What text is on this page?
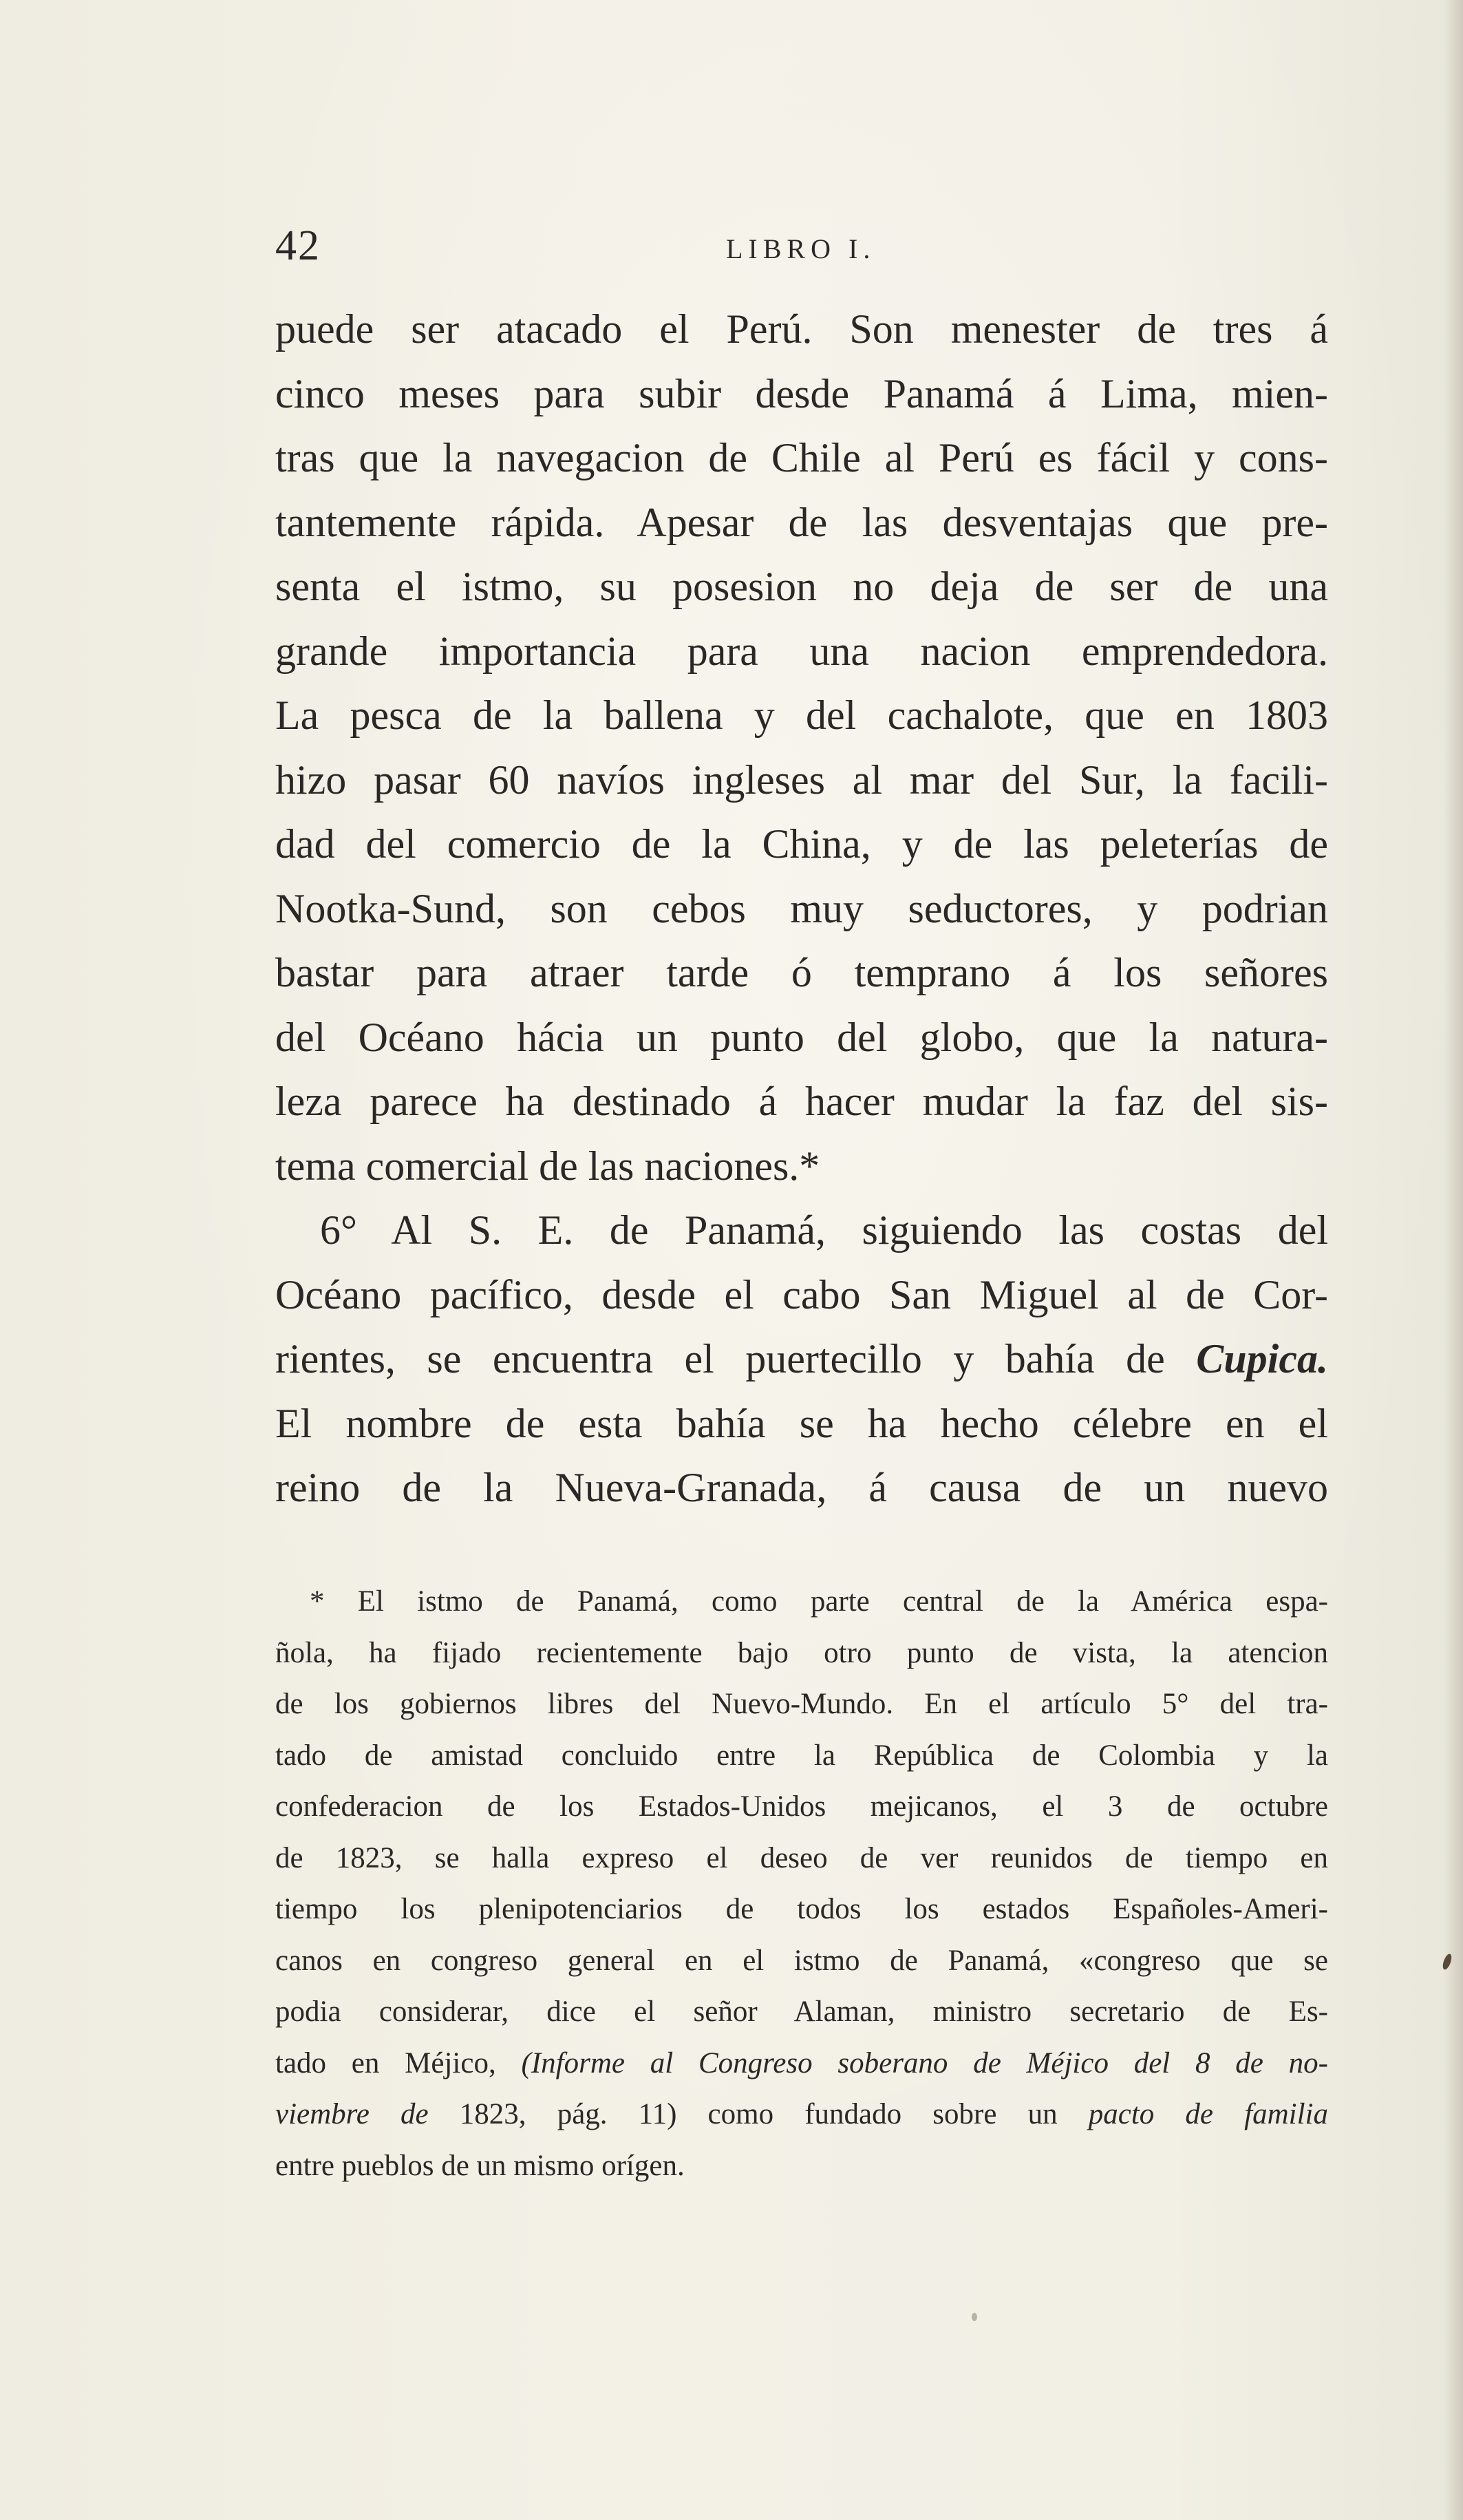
42	LIBRO I.
puede ser atacado el Perú. Son menester de tres á
cinco meses para subir desde Panamá á Lima, mien-
tras que la navegacion de Chile al Perú es fácil y cons-
tantemente rápida. Apesar de las desventajas que pre-
senta el istmo, su posesion no deja de ser de una
grande importancia para una nacion emprendedora.
La pesca de la ballena y del cachalote, que en 1803
hizo pasar 60 navíos ingleses al mar del Sur, la facili-
dad del comercio de la China, y de las peleterías de
Nootka-Sund, son cebos muy seductores, y podrian
bastar para atraer tarde ó temprano á los señores
del Océano hácia un punto del globo, que la natura-
leza parece ha destinado á hacer mudar la faz del sis-
tema comercial de las naciones.*
6° Al S. E. de Panamá, siguiendo las costas del
Océano pacífico, desde el cabo San Miguel al de Cor-
rientes, se encuentra el puertecillo y bahía de Cupica.
El nombre de esta bahía se ha hecho célebre en el
reino de la Nueva-Granada, á causa de un nuevo
* El istmo de Panamá, como parte central de la América espa-
ñola, ha fijado recientemente bajo otro punto de vista, la atencion
de los gobiernos libres del Nuevo-Mundo. En el artículo 5° del tra-
tado de amistad concluido entre la República de Colombia y la
confederacion de los Estados-Unidos mejicanos, el 3 de octubre
de 1823, se halla expreso el deseo de ver reunidos de tiempo en
tiempo los plenipotenciarios de todos los estados Españoles-Ameri-
canos en congreso general en el istmo de Panamá, «congreso que se
podia considerar, dice el señor Alaman, ministro secretario de Es-
tado en Méjico, (Informe al Congreso soberano de Méjico del 8 de no-
viembre de 1823, pág. 11) como fundado sobre un pacto de familia
entre pueblos de un mismo orígen.
